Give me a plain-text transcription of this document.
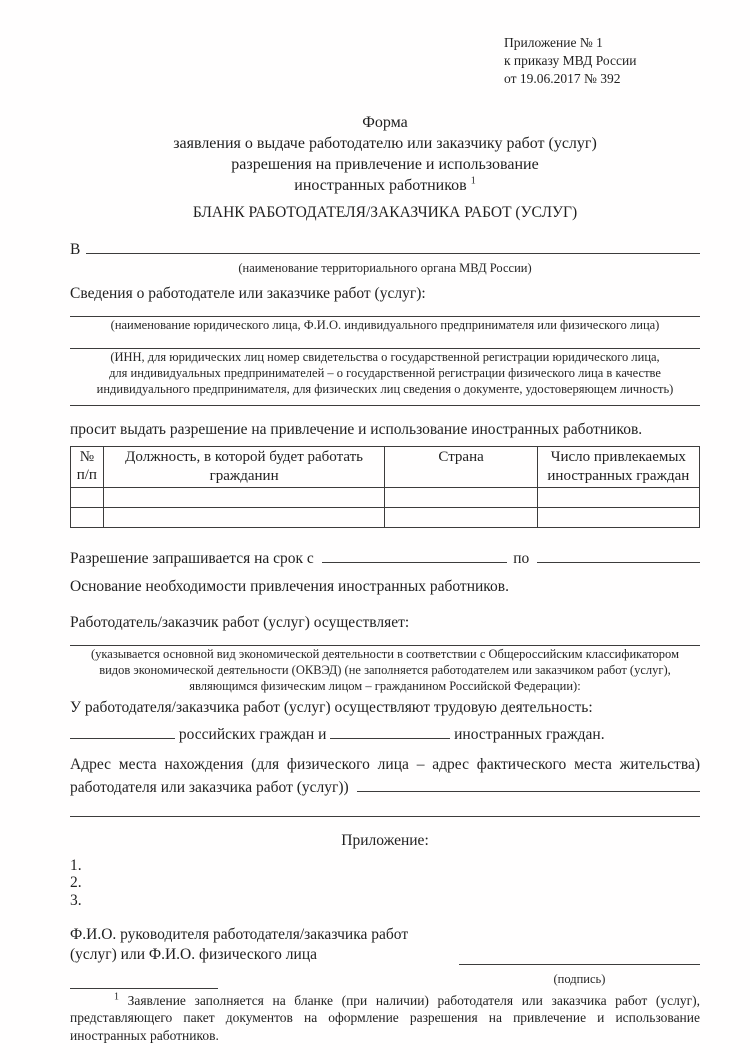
Приложение № 1
к приказу МВД России
от 19.06.2017 № 392
Форма
заявления о выдаче работодателю или заказчику работ (услуг)
разрешения на привлечение и использование
иностранных работников $^1$
БЛАНК РАБОТОДАТЕЛЯ/ЗАКАЗЧИКА РАБОТ (УСЛУГ)
В
(наименование территориального органа МВД России)
Сведения о работодателе или заказчике работ (услуг):
(наименование юридического лица, Ф.И.О. индивидуального предпринимателя или физического лица)
(ИНН, для юридических лиц номер свидетельства о государственной регистрации юридического лица,
для индивидуальных предпринимателей – о государственной регистрации физического лица в качестве
индивидуального предпринимателя, для физических лиц сведения о документе, удостоверяющем личность)
просит выдать разрешение на привлечение и использование иностранных работников.
№ п/п	Должность, в которой будет работать гражданин	Страна	Число привлекаемых иностранных граждан

Разрешение запрашивается на срок с	по
Основание необходимости привлечения иностранных работников.
Работодатель/заказчик работ (услуг) осуществляет:
(указывается основной вид экономической деятельности в соответствии с Общероссийским классификатором
видов экономической деятельности (ОКВЭД) (не заполняется работодателем или заказчиком работ (услуг),
являющимся физическим лицом – гражданином Российской Федерации):
У работодателя/заказчика работ (услуг) осуществляют трудовую деятельность:
российских граждан и	иностранных граждан.
Адрес места нахождения (для физического лица – адрес фактического места жительства)
работодателя или заказчика работ (услуг))
Приложение:
1.
2.
3.
Ф.И.О. руководителя работодателя/заказчика работ
(услуг) или Ф.И.О. физического лица
(подпись)

$^1$ Заявление заполняется на бланке (при наличии) работодателя или заказчика работ (услуг), представляющего пакет документов на оформление разрешения на привлечение и использование иностранных работников.
